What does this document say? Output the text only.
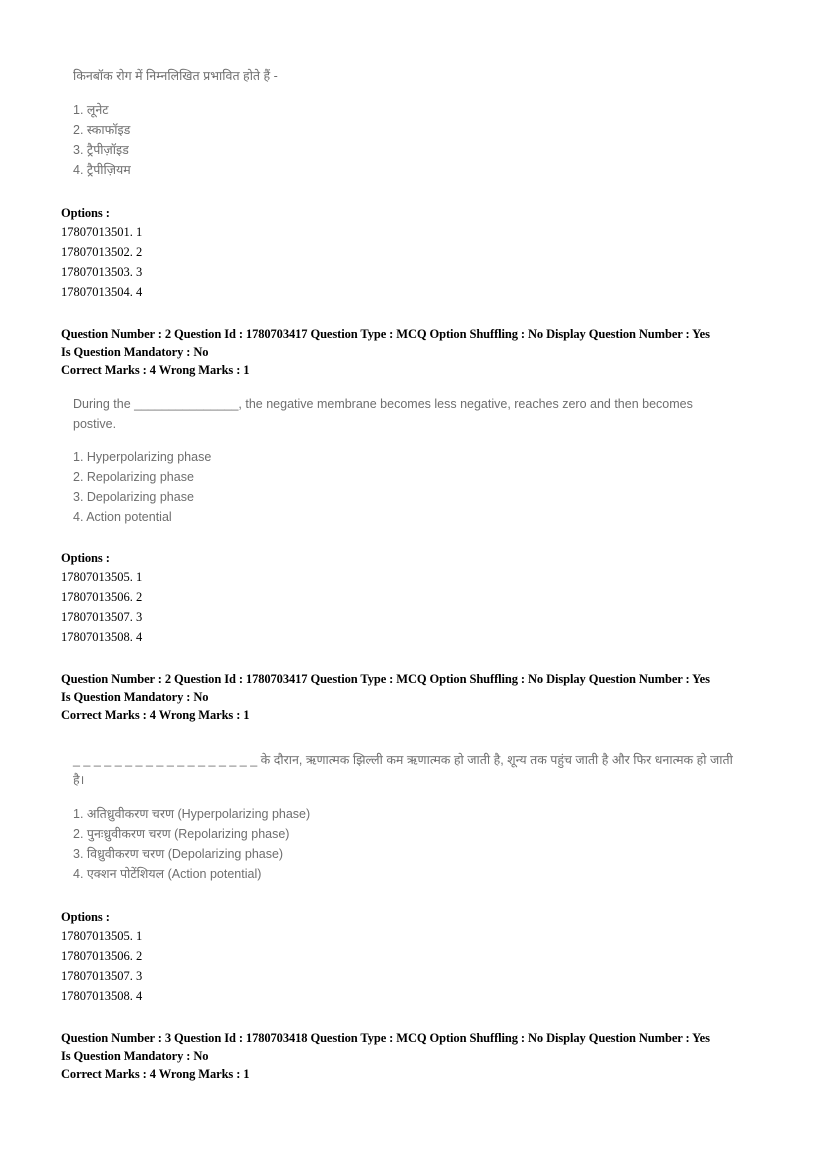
किनबॉक रोग में निम्नलिखित प्रभावित होते हैं -
1. लूनेट
2. स्काफॉइड
3. ट्रैपीज़ॉइड
4. ट्रैपीज़ियम
Options :
17807013501. 1
17807013502. 2
17807013503. 3
17807013504. 4
Question Number : 2 Question Id : 1780703417 Question Type : MCQ Option Shuffling : No Display Question Number : Yes
Is Question Mandatory : No
Correct Marks : 4 Wrong Marks : 1
During the _______________, the negative membrane becomes less negative, reaches zero and then becomes
postive.
1. Hyperpolarizing phase
2. Repolarizing phase
3. Depolarizing phase
4. Action potential
Options :
17807013505. 1
17807013506. 2
17807013507. 3
17807013508. 4
Question Number : 2 Question Id : 1780703417 Question Type : MCQ Option Shuffling : No Display Question Number : Yes
Is Question Mandatory : No
Correct Marks : 4 Wrong Marks : 1
_ _ _ _ _ _ _ _ _ _ _ _ _ _ _ _ _ _ के दौरान, ऋणात्मक झिल्ली कम ऋणात्मक हो जाती है, शून्य तक पहुंच जाती है और फिर धनात्मक हो जाती
है।
1. अतिध्रुवीकरण चरण (Hyperpolarizing phase)
2. पुनःध्रुवीकरण चरण (Repolarizing phase)
3. विध्रुवीकरण चरण (Depolarizing phase)
4. एक्शन पोटेंशियल (Action potential)
Options :
17807013505. 1
17807013506. 2
17807013507. 3
17807013508. 4
Question Number : 3 Question Id : 1780703418 Question Type : MCQ Option Shuffling : No Display Question Number : Yes
Is Question Mandatory : No
Correct Marks : 4 Wrong Marks : 1
